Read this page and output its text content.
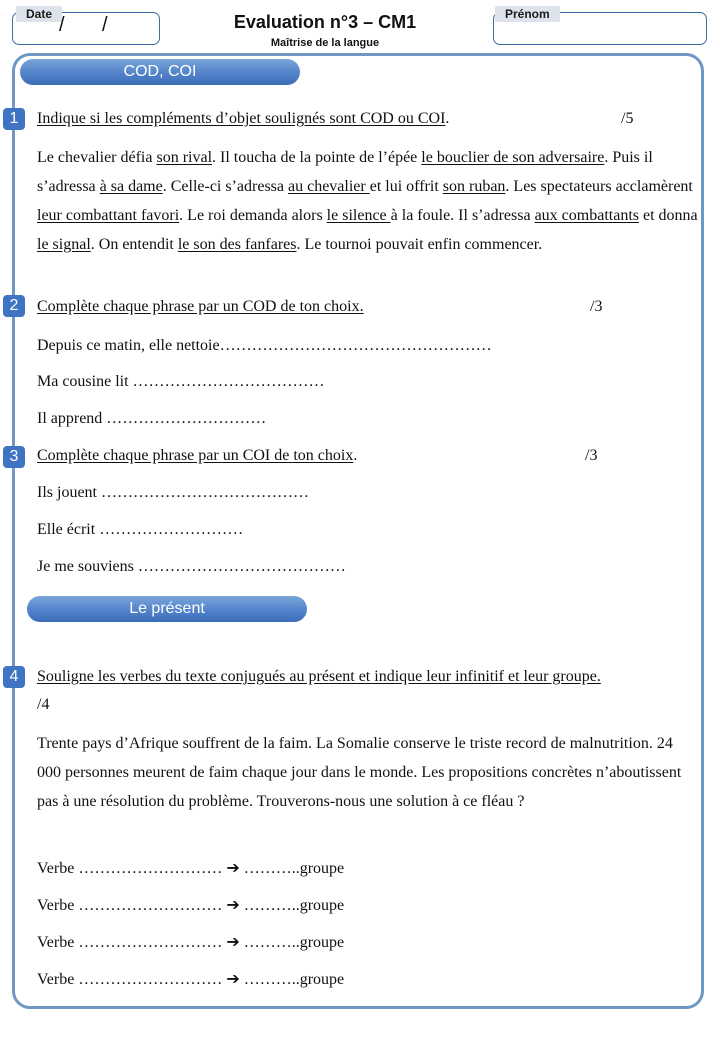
Date / /	Evaluation n°3 – CM1
Maîtrise de la langue
Prénom
COD, COI
1	Indique si les compléments d’objet soulignés sont COD ou COI.	/5
Le chevalier défia son rival. Il toucha de la pointe de l’épée le bouclier de son adversaire. Puis il s’adressa à sa dame. Celle-ci s’adressa au chevalier et lui offrit son ruban. Les spectateurs acclamèrent leur combattant favori. Le roi demanda alors le silence à la foule. Il s’adressa aux combattants et donna le signal. On entendit le son des fanfares. Le tournoi pouvait enfin commencer.
2	Complète chaque phrase par un COD de ton choix.	/3
Depuis ce matin, elle nettoie……………………………………………
Ma cousine lit ………………………………
Il apprend …………………………
3	Complète chaque phrase par un COI de ton choix.	/3
Ils jouent …………………………………
Elle écrit ………………………
Je me souviens …………………………………
Le présent
4	Souligne les verbes du texte conjugués au présent et indique leur infinitif et leur groupe.
/4
Trente pays d’Afrique souffrent de la faim. La Somalie conserve le triste record de malnutrition. 24 000 personnes meurent de faim chaque jour dans le monde. Les propositions concrètes n’aboutissent pas à une résolution du problème. Trouverons-nous une solution à ce fléau ?
Verbe ……………………… ➔ ………..groupe
Verbe ……………………… ➔ ………..groupe
Verbe ……………………… ➔ ………..groupe
Verbe ……………………… ➔ ………..groupe
